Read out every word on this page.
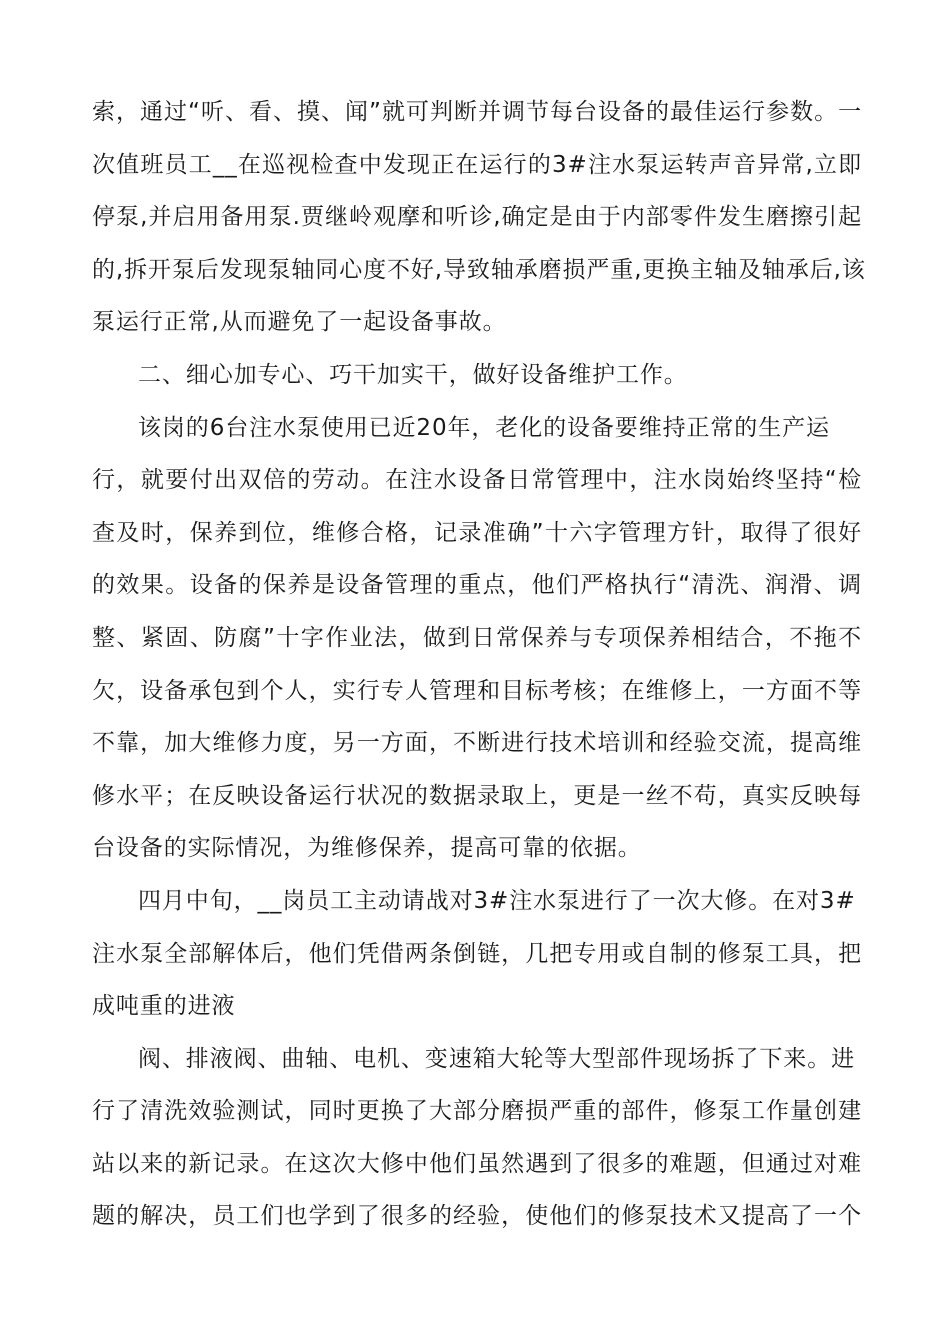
索，通过“听、看、摸、闻”就可判断并调节每台设备的最佳运行参数。一
次值班员工__在巡视检查中发现正在运行的3#注水泵运转声音异常,立即
停泵,并启用备用泵.贾继岭观摩和听诊,确定是由于内部零件发生磨擦引起
的,拆开泵后发现泵轴同心度不好,导致轴承磨损严重,更换主轴及轴承后,该
泵运行正常,从而避免了一起设备事故。
二、细心加专心、巧干加实干，做好设备维护工作。
该岗的6台注水泵使用已近20年，老化的设备要维持正常的生产运
行，就要付出双倍的劳动。在注水设备日常管理中，注水岗始终坚持“检
查及时，保养到位，维修合格，记录准确”十六字管理方针，取得了很好
的效果。设备的保养是设备管理的重点，他们严格执行“清洗、润滑、调
整、紧固、防腐”十字作业法，做到日常保养与专项保养相结合，不拖不
欠，设备承包到个人，实行专人管理和目标考核；在维修上，一方面不等
不靠，加大维修力度，另一方面，不断进行技术培训和经验交流，提高维
修水平；在反映设备运行状况的数据录取上，更是一丝不苟，真实反映每
台设备的实际情况，为维修保养，提高可靠的依据。
四月中旬，__岗员工主动请战对3#注水泵进行了一次大修。在对3#
注水泵全部解体后，他们凭借两条倒链，几把专用或自制的修泵工具，把
成吨重的进液
阀、排液阀、曲轴、电机、变速箱大轮等大型部件现场拆了下来。进
行了清洗效验测试，同时更换了大部分磨损严重的部件，修泵工作量创建
站以来的新记录。在这次大修中他们虽然遇到了很多的难题，但通过对难
题的解决，员工们也学到了很多的经验，使他们的修泵技术又提高了一个
